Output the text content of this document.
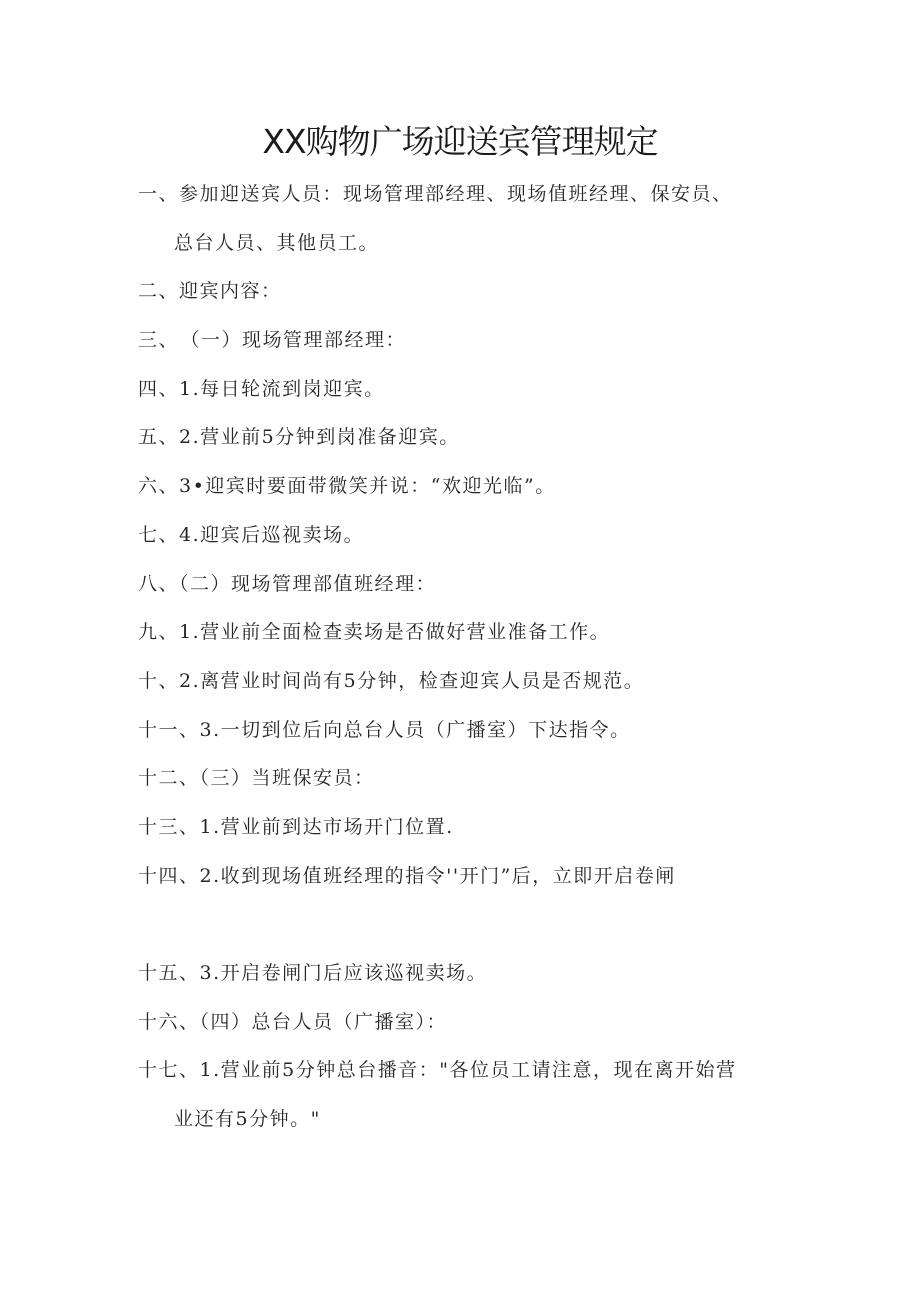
XX购物广场迎送宾管理规定
一、参加迎送宾人员：现场管理部经理、现场值班经理、保安员、
总台人员、其他员工。
二、迎宾内容：
三、　（一）现场管理部经理：
四、1.每日轮流到岗迎宾。
五、2.营业前5分钟到岗准备迎宾。
六、3•迎宾时要面带微笑并说：“欢迎光临”。
七、4.迎宾后巡视卖场。
八、（二）现场管理部值班经理：
九、1.营业前全面检查卖场是否做好营业准备工作。
十、2.离营业时间尚有5分钟，检查迎宾人员是否规范。
十一、3.一切到位后向总台人员（广播室）下达指令。
十二、（三）当班保安员：
十三、1.营业前到达市场开门位置.
十四、2.收到现场值班经理的指令''开门”后，立即开启卷闸
十五、3.开启卷闸门后应该巡视卖场。
十六、（四）总台人员（广播室）：
十七、1.营业前5分钟总台播音："各位员工请注意，现在离开始营
业还有5分钟。"
